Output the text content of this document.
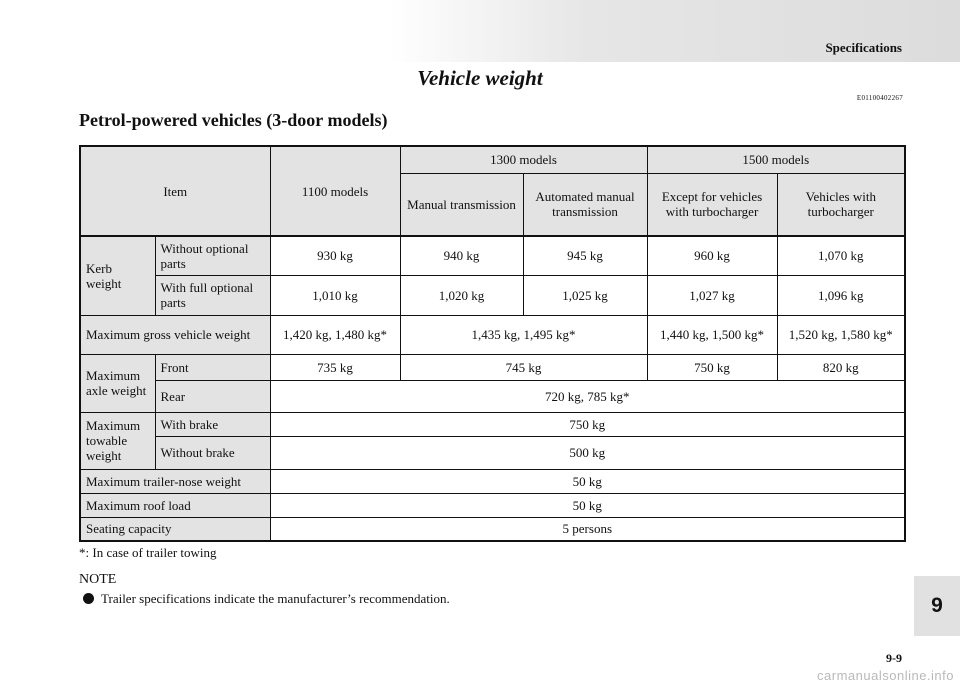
Specifications
Vehicle weight
E01100402267
Petrol-powered vehicles (3-door models)
Item		1100 models	1300 models		1500 models	
			Manual transmission	Automated manual transmission	Except for vehicles with turbocharger	Vehicles with turbocharger
Kerb weight	Without optional parts	930 kg	940 kg	945 kg	960 kg	1,070 kg
	With full optional parts	1,010 kg	1,020 kg	1,025 kg	1,027 kg	1,096 kg
Maximum gross vehicle weight		1,420 kg, 1,480 kg*	1,435 kg, 1,495 kg*		1,440 kg, 1,500 kg*	1,520 kg, 1,580 kg*
Maximum axle weight	Front	735 kg	745 kg		750 kg	820 kg
	Rear	720 kg, 785 kg*				
Maximum towable weight	With brake	750 kg				
	Without brake	500 kg				
Maximum trailer-nose weight		50 kg				
Maximum roof load		50 kg				
Seating capacity		5 persons				
*: In case of trailer towing
NOTE
Trailer specifications indicate the manufacturer’s recommendation.	9
9-9
carmanualsonline.info
